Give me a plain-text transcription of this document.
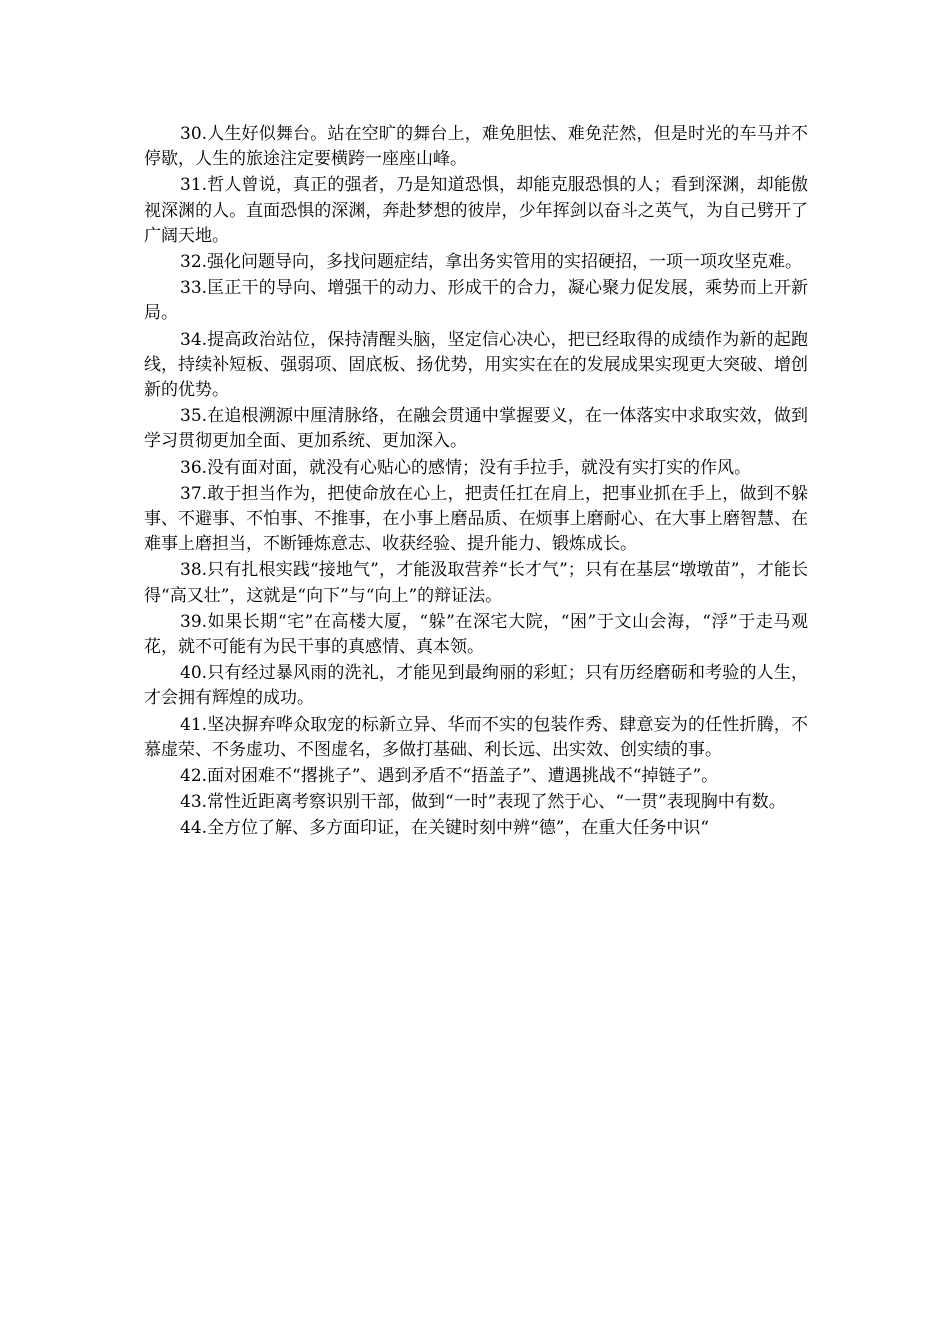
30.人生好似舞台。站在空旷的舞台上，难免胆怯、难免茫然，但是时光的车马并不停歇，人生的旅途注定要横跨一座座山峰。

31.哲人曾说，真正的强者，乃是知道恐惧，却能克服恐惧的人；看到深渊，却能傲视深渊的人。直面恐惧的深渊，奔赴梦想的彼岸，少年挥剑以奋斗之英气，为自己劈开了广阔天地。

32.强化问题导向，多找问题症结，拿出务实管用的实招硬招，一项一项攻坚克难。

33.匡正干的导向、增强干的动力、形成干的合力，凝心聚力促发展，乘势而上开新局。

34.提高政治站位，保持清醒头脑，坚定信心决心，把已经取得的成绩作为新的起跑线，持续补短板、强弱项、固底板、扬优势，用实实在在的发展成果实现更大突破、增创新的优势。

35.在追根溯源中厘清脉络，在融会贯通中掌握要义，在一体落实中求取实效，做到学习贯彻更加全面、更加系统、更加深入。

36.没有面对面，就没有心贴心的感情；没有手拉手，就没有实打实的作风。

37.敢于担当作为，把使命放在心上，把责任扛在肩上，把事业抓在手上，做到不躲事、不避事、不怕事、不推事，在小事上磨品质、在烦事上磨耐心、在大事上磨智慧、在难事上磨担当，不断锤炼意志、收获经验、提升能力、锻炼成长。

38.只有扎根实践“接地气”，才能汲取营养“长才气”；只有在基层“墩墩苗”，才能长得“高又壮”，这就是“向下”与“向上”的辩证法。

39.如果长期“宅”在高楼大厦，“躲”在深宅大院，“困”于文山会海，“浮”于走马观花，就不可能有为民干事的真感情、真本领。

40.只有经过暴风雨的洗礼，才能见到最绚丽的彩虹；只有历经磨砺和考验的人生，才会拥有辉煌的成功。

41.坚决摒弃哗众取宠的标新立异、华而不实的包装作秀、肆意妄为的任性折腾，不慕虚荣、不务虚功、不图虚名，多做打基础、利长远、出实效、创实绩的事。

42.面对困难不“撂挑子”、遇到矛盾不“捂盖子”、遭遇挑战不“掉链子”。

43.常性近距离考察识别干部，做到“一时”表现了然于心、“一贯”表现胸中有数。

44.全方位了解、多方面印证，在关键时刻中辨“德”，在重大任务中识“
